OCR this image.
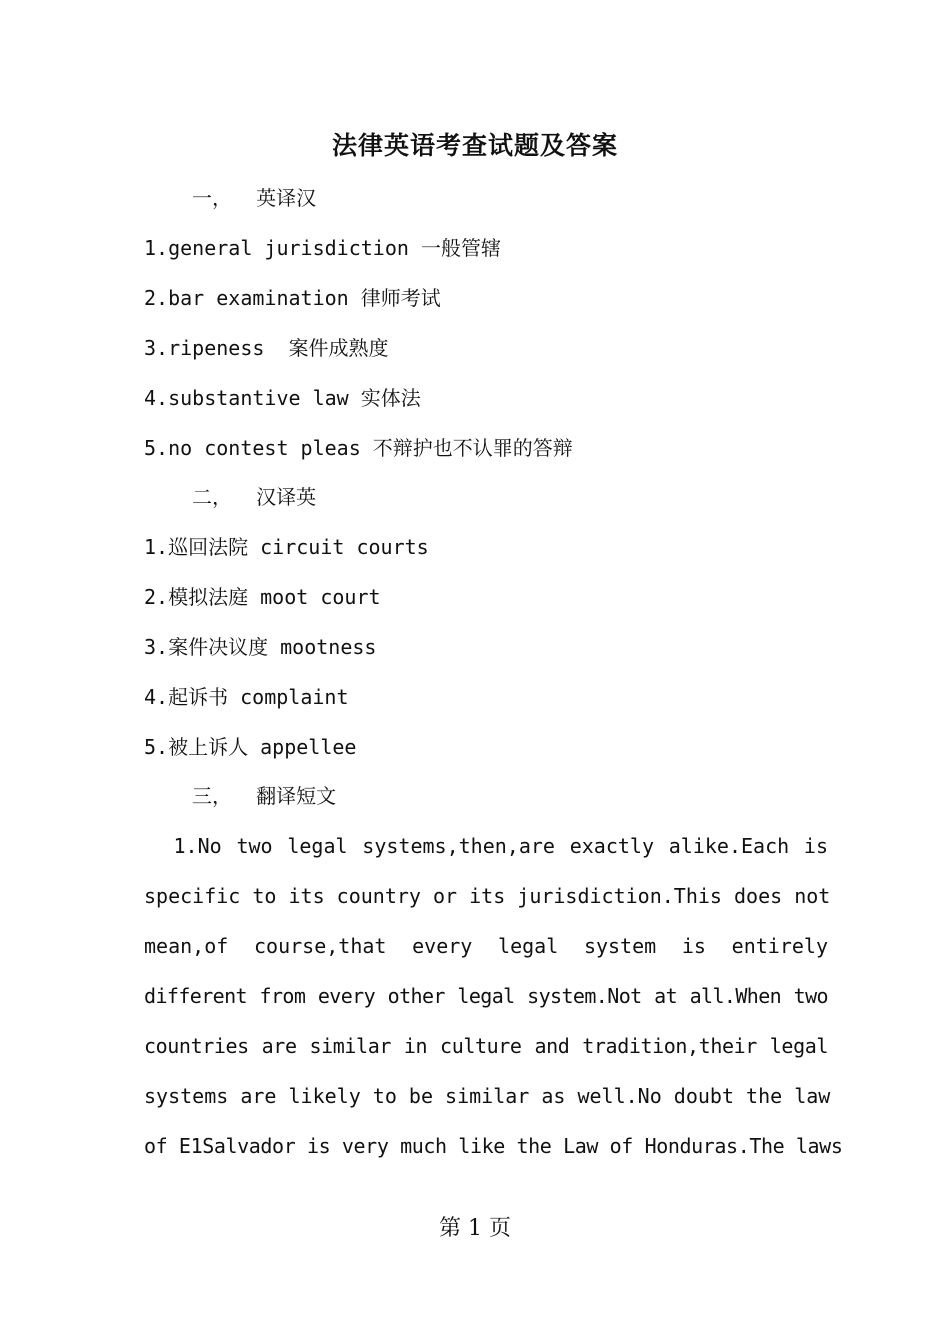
法律英语考查试题及答案
一，  英译汉
1.general jurisdiction 一般管辖
2.bar examination 律师考试
3.ripeness  案件成熟度
4.substantive law 实体法
5.no contest pleas 不辩护也不认罪的答辩
二，  汉译英
1.巡回法院 circuit courts
2.模拟法庭 moot court
3.案件决议度 mootness
4.起诉书 complaint
5.被上诉人 appellee
三，  翻译短文
1.No two legal systems,then,are exactly alike.Each is
specific to its country or its jurisdiction.This does not
mean,of course,that every legal system is entirely
different from every other legal system.Not at all.When two
countries are similar in culture and tradition,their legal
systems are likely to be similar as well.No doubt the law
of E1Salvador is very much like the Law of Honduras.The laws
第 1 页
